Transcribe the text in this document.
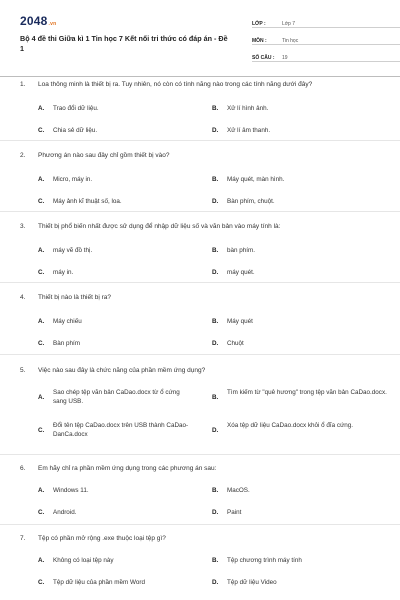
2048.vn
Bộ 4 đề thi Giữa kì 1 Tin học 7 Kết nối tri thức có đáp án - Đề 1
LỚP :	Lớp 7
MÔN :	Tin học
SỐ CÂU :	19
1. Loa thông minh là thiết bị ra. Tuy nhiên, nó còn có tính năng nào trong các tính năng dưới đây?
A. Trao đổi dữ liệu.	B. Xử lí hình ảnh.
C. Chia sẻ dữ liệu.	D. Xử lí âm thanh.
2. Phương án nào sau đây chỉ gồm thiết bị vào?
A. Micro, máy in.	B. Máy quét, màn hình.
C. Máy ảnh kĩ thuật số, loa.	D. Bàn phím, chuột.
3. Thiết bị phổ biến nhất được sử dụng để nhập dữ liệu số và văn bản vào máy tính là:
A. máy vẽ đồ thị.	B. bàn phím.
C. máy in.	D. máy quét.
4. Thiết bị nào là thiết bị ra?
A. Máy chiếu	B. Máy quét
C. Bàn phím	D. Chuột
5. Việc nào sau đây là chức năng của phần mềm ứng dụng?
A.
Sao chép tệp văn bản CaDao.docx từ ổ cứng sang USB.
B.
Tìm kiếm từ "quê hương" trong tệp văn bản CaDao.docx.
C.
Đổi tên tệp CaDao.docx trên USB thành CaDao-DanCa.docx
D.
Xóa tệp dữ liệu CaDao.docx khỏi ổ đĩa cứng.
6. Em hãy chỉ ra phần mềm ứng dụng trong các phương án sau:
A. Windows 11.	B. MacOS.
C. Android.	D. Paint
7. Tệp có phần mở rộng .exe thuộc loại tệp gì?
A. Không có loại tệp này	B. Tệp chương trình máy tính
C. Tệp dữ liệu của phần mềm Word	D. Tệp dữ liệu Video
